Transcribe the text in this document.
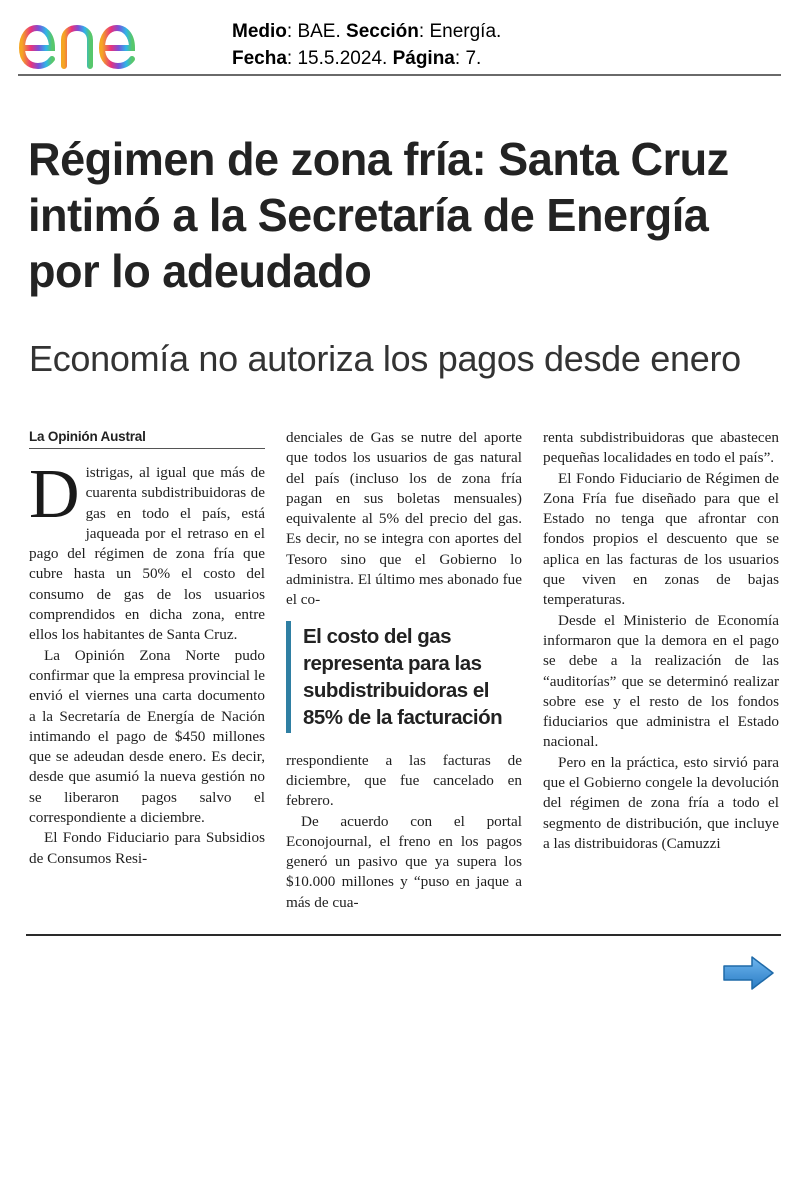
enel
Medio: BAE. Sección: Energía.
Fecha: 15.5.2024. Página: 7.
Régimen de zona fría: Santa Cruz intimó a la Secretaría de Energía por lo adeudado
Economía no autoriza los pagos desde enero
La Opinión Austral

Distrigas, al igual que más de cuarenta subdistribuidoras de gas en todo el país, está jaqueada por el retraso en el pago del régimen de zona fría que cubre hasta un 50% el costo del consumo de gas de los usuarios comprendidos en dicha zona, entre ellos los habitantes de Santa Cruz.

La Opinión Zona Norte pudo confirmar que la empresa provincial le envió el viernes una carta documento a la Secretaría de Energía de Nación intimando el pago de $450 millones que se adeudan desde enero. Es decir, desde que asumió la nueva gestión no se liberaron pagos salvo el correspondiente a diciembre.

El Fondo Fiduciario para Subsidios de Consumos Resi-

denciales de Gas se nutre del aporte que todos los usuarios de gas natural del país (incluso los de zona fría pagan en sus boletas mensuales) equivalente al 5% del precio del gas. Es decir, no se integra con aportes del Tesoro sino que el Gobierno lo administra. El último mes abonado fue el co-

El costo del gas representa para las subdistribuidoras el 85% de la facturación

rrespondiente a las facturas de diciembre, que fue cancelado en febrero.

De acuerdo con el portal Econojournal, el freno en los pagos generó un pasivo que ya supera los $10.000 millones y “puso en jaque a más de cua-

renta subdistribuidoras que abastecen pequeñas localidades en todo el país”.

El Fondo Fiduciario de Régimen de Zona Fría fue diseñado para que el Estado no tenga que afrontar con fondos propios el descuento que se aplica en las facturas de los usuarios que viven en zonas de bajas temperaturas.

Desde el Ministerio de Economía informaron que la demora en el pago se debe a la realización de las “auditorías” que se determinó realizar sobre ese y el resto de los fondos fiduciarios que administra el Estado nacional.

Pero en la práctica, esto sirvió para que el Gobierno congele la devolución del régimen de zona fría a todo el segmento de distribución, que incluye a las distribuidoras (Camuzzi
